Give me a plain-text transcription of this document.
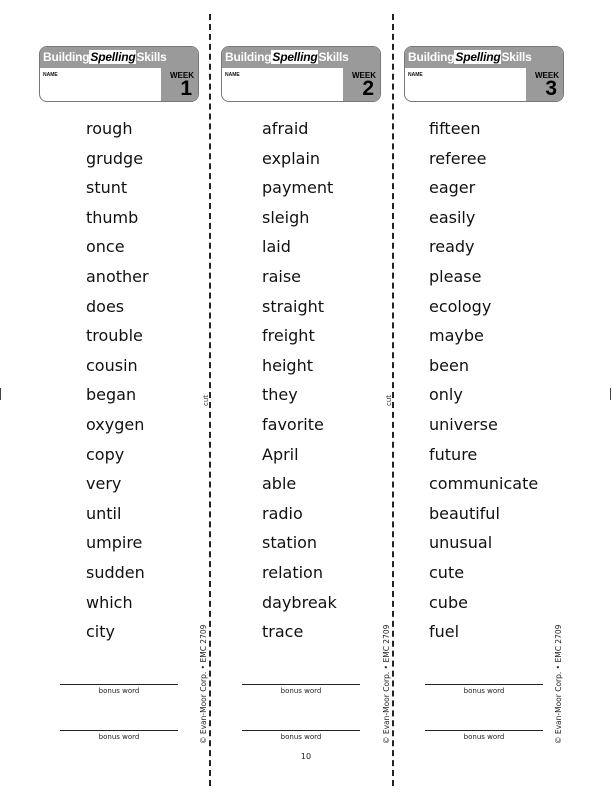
cut	cut
BuildingSpellingSkills
NAME	WEEK
1
rough
grudge
stunt
thumb
once
another
does
trouble
cousin
began
oxygen
copy
very
until
umpire
sudden
which
city
bonus word
bonus word	© Evan-Moor Corp. • EMC 2709
BuildingSpellingSkills
NAME	WEEK
2
afraid
explain
payment
sleigh
laid
raise
straight
freight
height
they
favorite
April
able
radio
station
relation
daybreak
trace
bonus word
bonus word	© Evan-Moor Corp. • EMC 2709
BuildingSpellingSkills
NAME	WEEK
3
fifteen
referee
eager
easily
ready
please
ecology
maybe
been
only
universe
future
communicate
beautiful
unusual
cute
cube
fuel
bonus word
bonus word	© Evan-Moor Corp. • EMC 2709
10
